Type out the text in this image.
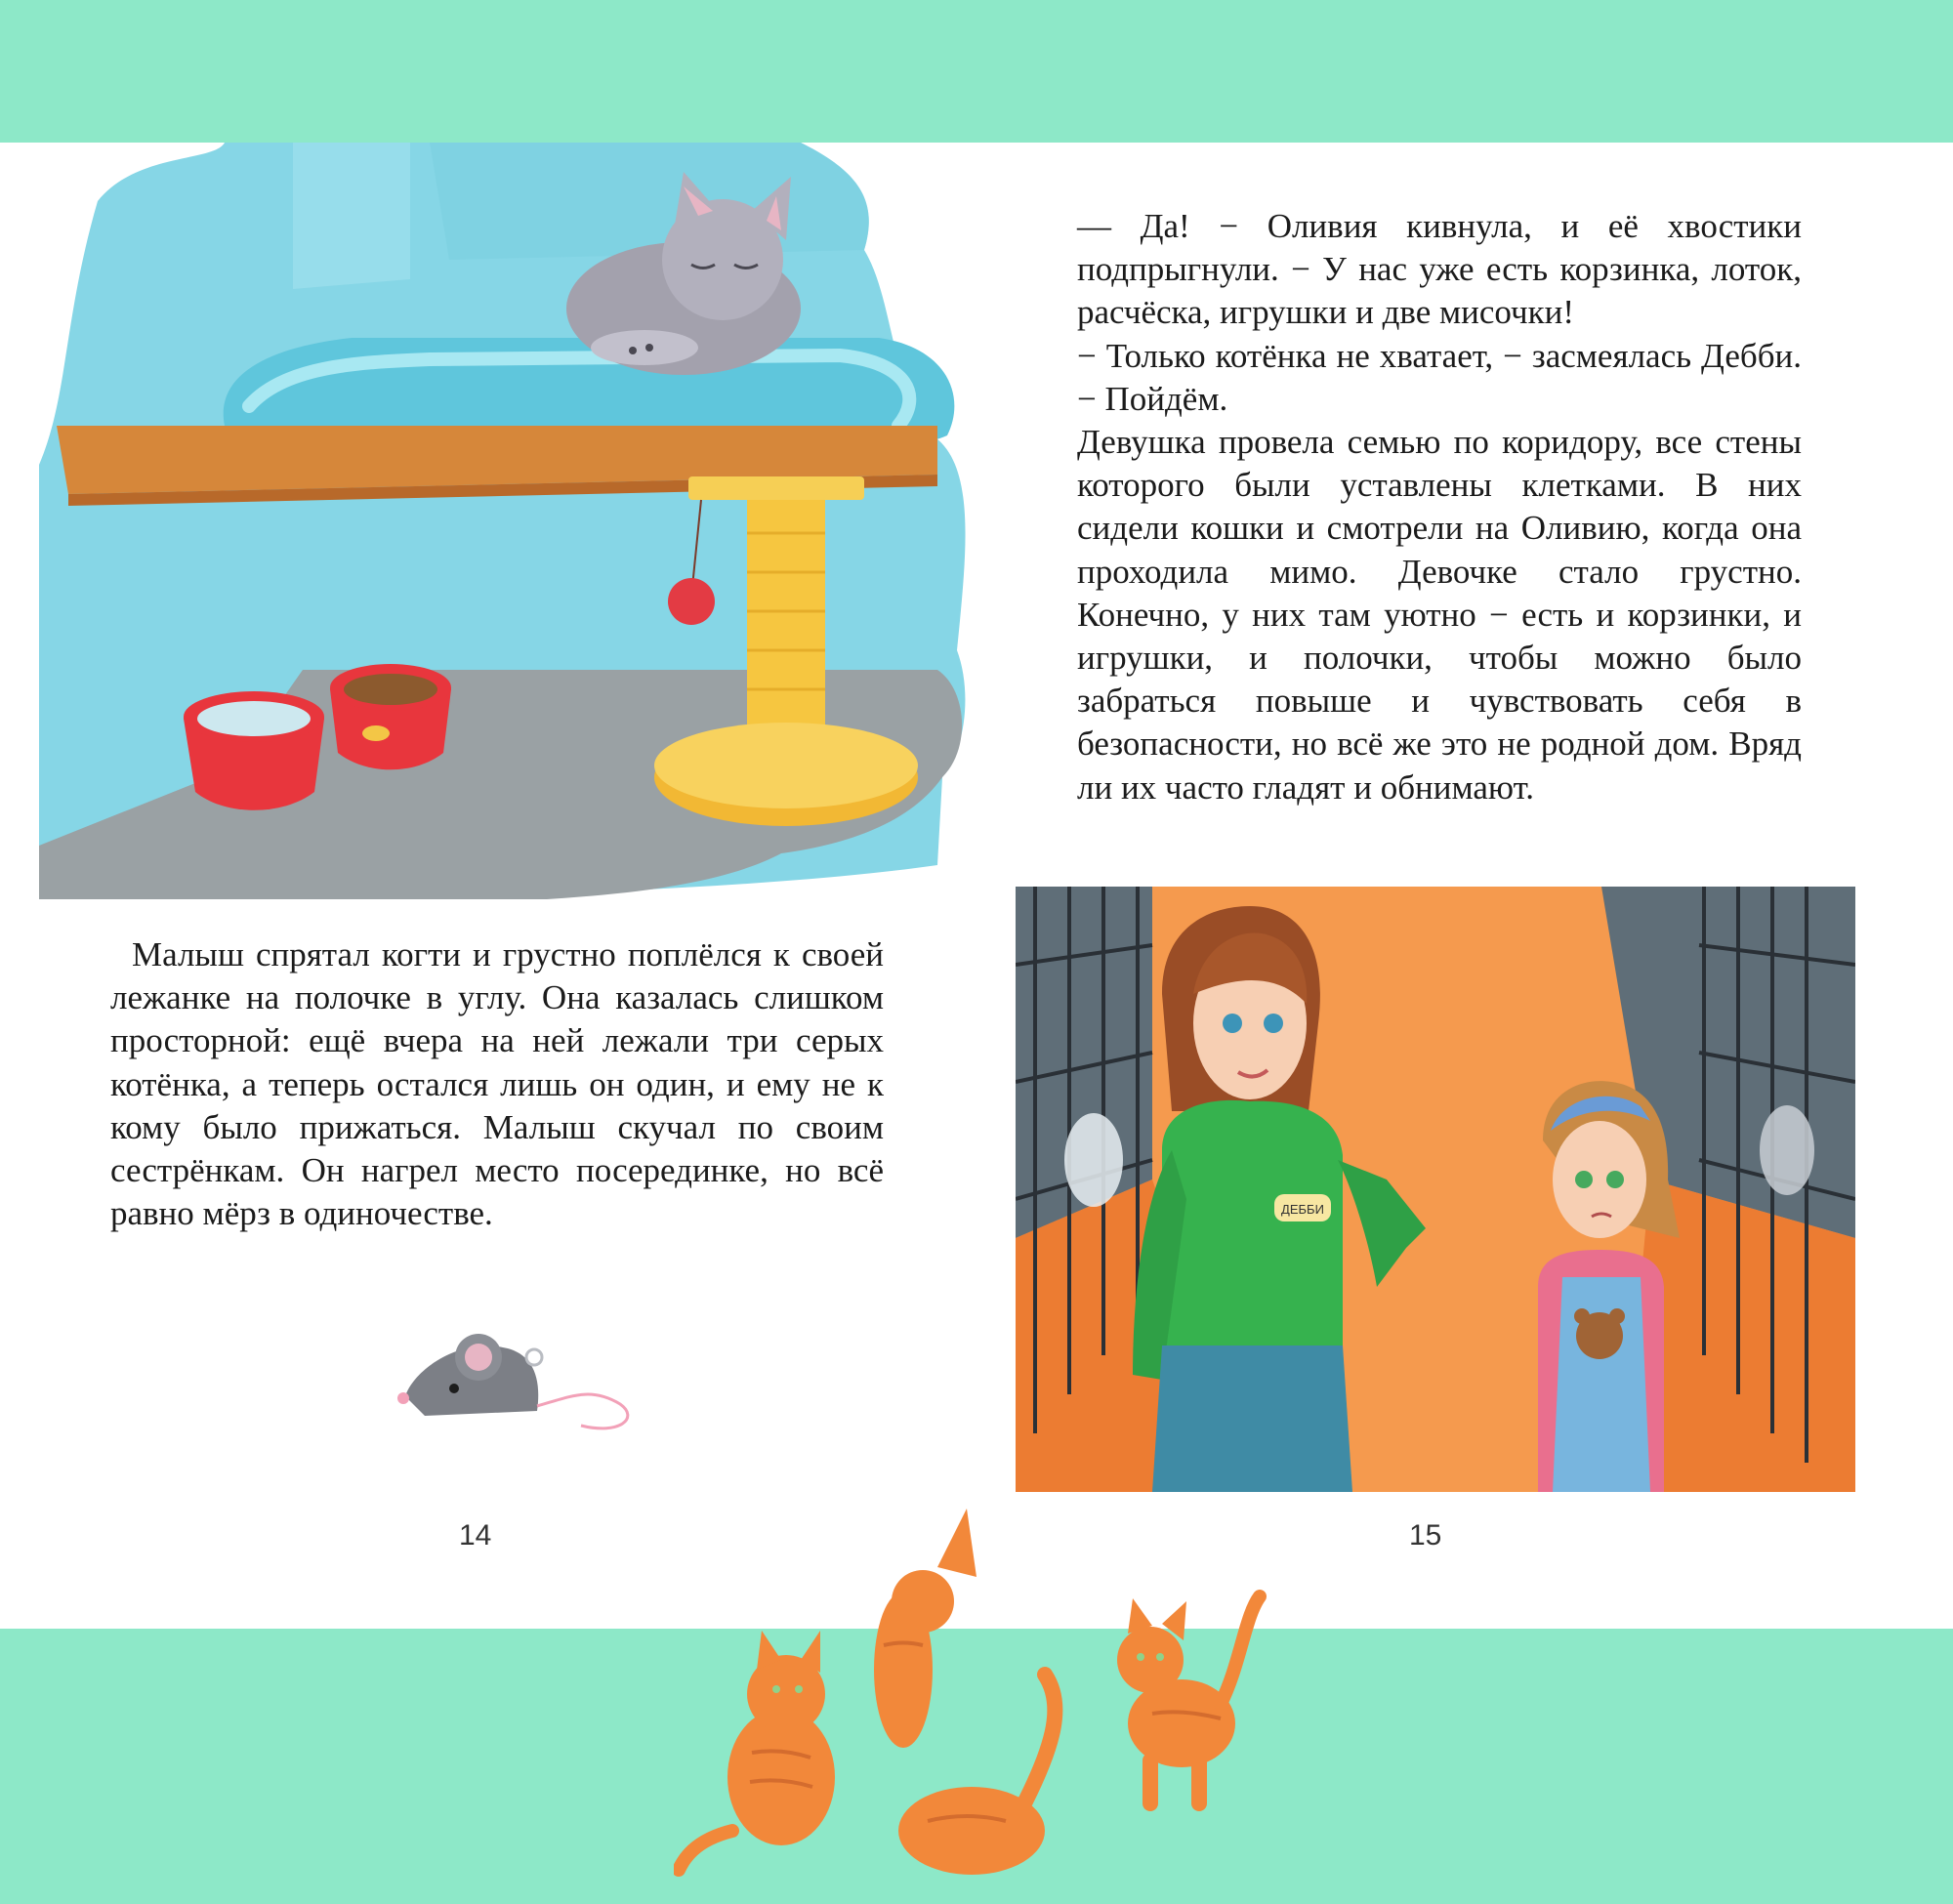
ДЕББИ

— Да! − Оливия кивнула, и её хвостики подпрыгнули. − У нас уже есть корзинка, лоток, расчёска, игрушки и две мисочки!

− Только котёнка не хватает, − засмеялась Дебби. − Пойдём.

Девушка провела семью по коридору, все стены которого были уставлены клетками. В них сидели кошки и смотрели на Оливию, когда она проходила мимо. Девочке стало грустно. Конечно, у них там уютно − есть и корзинки, и игрушки, и полочки, чтобы можно было забраться повыше и чувствовать себя в безопасности, но всё же это не родной дом. Вряд ли их часто гладят и обнимают.

Малыш спрятал когти и грустно поплёлся к своей лежанке на полочке в углу. Она казалась слишком просторной: ещё вчера на ней лежали три серых котёнка, а теперь остался лишь он один, и ему не к кому было прижаться. Малыш скучал по своим сестрёнкам. Он нагрел место посерединке, но всё равно мёрз в одиночестве.

14	15
